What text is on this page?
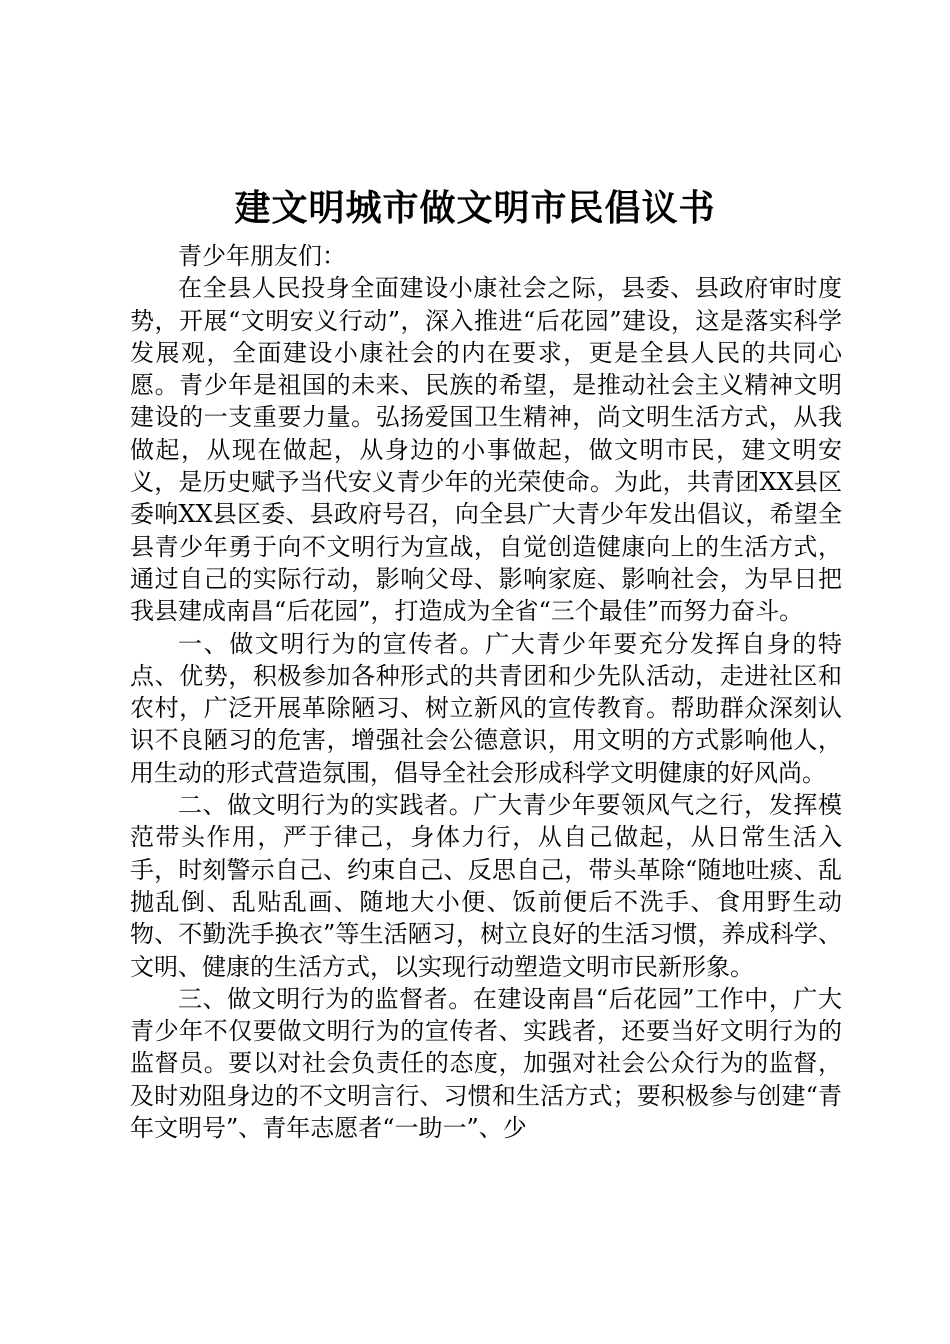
建文明城市做文明市民倡议书

青少年朋友们：

在全县人民投身全面建设小康社会之际，县委、县政府审时度势，开展“文明安义行动”，深入推进“后花园”建设，这是落实科学发展观，全面建设小康社会的内在要求，更是全县人民的共同心愿。青少年是祖国的未来、民族的希望，是推动社会主义精神文明建设的一支重要力量。弘扬爱国卫生精神，尚文明生活方式，从我做起，从现在做起，从身边的小事做起，做文明市民，建文明安义，是历史赋予当代安义青少年的光荣使命。为此，共青团XX县区委响XX县区委、县政府号召，向全县广大青少年发出倡议，希望全县青少年勇于向不文明行为宣战，自觉创造健康向上的生活方式，通过自己的实际行动，影响父母、影响家庭、影响社会，为早日把我县建成南昌“后花园”，打造成为全省“三个最佳”而努力奋斗。

一、做文明行为的宣传者。广大青少年要充分发挥自身的特点、优势，积极参加各种形式的共青团和少先队活动，走进社区和农村，广泛开展革除陋习、树立新风的宣传教育。帮助群众深刻认识不良陋习的危害，增强社会公德意识，用文明的方式影响他人，用生动的形式营造氛围，倡导全社会形成科学文明健康的好风尚。

二、做文明行为的实践者。广大青少年要领风气之行，发挥模范带头作用，严于律己，身体力行，从自己做起，从日常生活入手，时刻警示自己、约束自己、反思自己，带头革除“随地吐痰、乱抛乱倒、乱贴乱画、随地大小便、饭前便后不洗手、食用野生动物、不勤洗手换衣”等生活陋习，树立良好的生活习惯，养成科学、文明、健康的生活方式，以实现行动塑造文明市民新形象。

三、做文明行为的监督者。在建设南昌“后花园”工作中，广大青少年不仅要做文明行为的宣传者、实践者，还要当好文明行为的监督员。要以对社会负责任的态度，加强对社会公众行为的监督，及时劝阻身边的不文明言行、习惯和生活方式；要积极参与创建“青年文明号”、青年志愿者“一助一”、少
